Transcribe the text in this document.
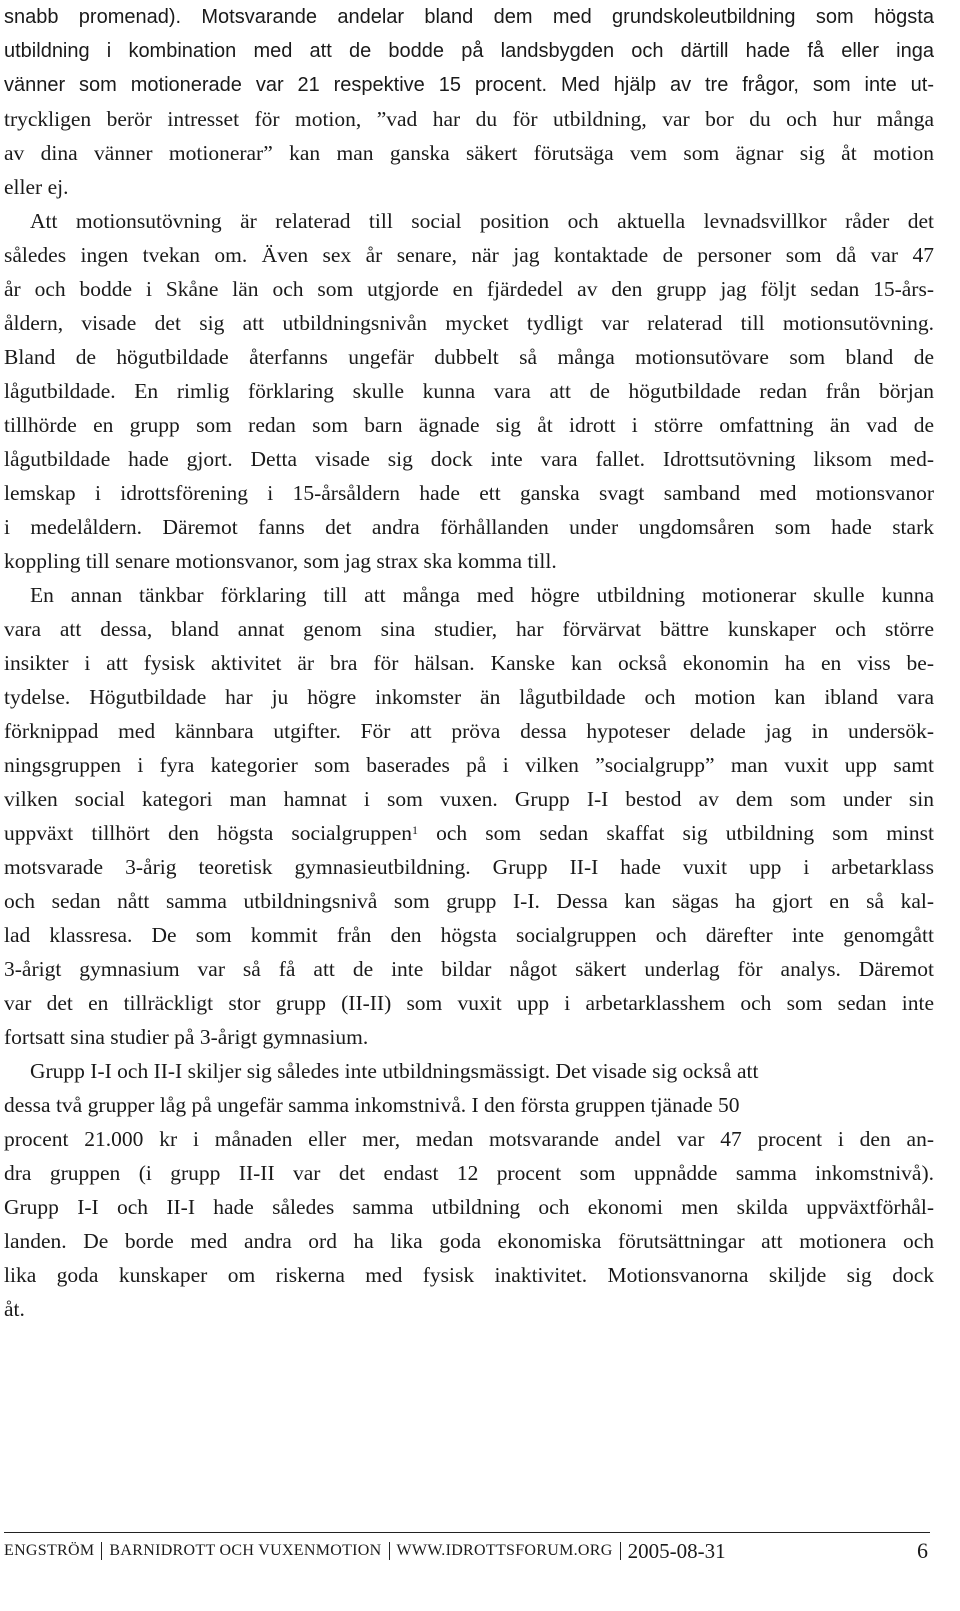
snabb promenad). Motsvarande andelar bland dem med grundskoleutbildning som högsta
utbildning i kombination med att de bodde på landsbygden och därtill hade få eller inga
vänner som motionerade var 21 respektive 15 procent. Med hjälp av tre frågor, som inte ut-
tryckligen berör intresset för motion, ”vad har du för utbildning, var bor du och hur många
av dina vänner motionerar” kan man ganska säkert förutsäga vem som ägnar sig åt motion
eller ej.
Att motionsutövning är relaterad till social position och aktuella levnadsvillkor råder det
således ingen tvekan om. Även sex år senare, när jag kontaktade de personer som då var 47
år och bodde i Skåne län och som utgjorde en fjärdedel av den grupp jag följt sedan 15-års-
åldern, visade det sig att utbildningsnivån mycket tydligt var relaterad till motionsutövning.
Bland de högutbildade återfanns ungefär dubbelt så många motionsutövare som bland de
lågutbildade. En rimlig förklaring skulle kunna vara att de högutbildade redan från början
tillhörde en grupp som redan som barn ägnade sig åt idrott i större omfattning än vad de
lågutbildade hade gjort. Detta visade sig dock inte vara fallet. Idrottsutövning liksom med-
lemskap i idrottsförening i 15-årsåldern hade ett ganska svagt samband med motionsvanor
i medelåldern. Däremot fanns det andra förhållanden under ungdomsåren som hade stark
koppling till senare motionsvanor, som jag strax ska komma till.
En annan tänkbar förklaring till att många med högre utbildning motionerar skulle kunna
vara att dessa, bland annat genom sina studier, har förvärvat bättre kunskaper och större
insikter i att fysisk aktivitet är bra för hälsan. Kanske kan också ekonomin ha en viss be-
tydelse. Högutbildade har ju högre inkomster än lågutbildade och motion kan ibland vara
förknippad med kännbara utgifter. För att pröva dessa hypoteser delade jag in undersök-
ningsgruppen i fyra kategorier som baserades på i vilken ”socialgrupp” man vuxit upp samt
vilken social kategori man hamnat i som vuxen. Grupp I-I bestod av dem som under sin
uppväxt tillhört den högsta socialgruppen$^1$ och som sedan skaffat sig utbildning som minst
motsvarade 3-årig teoretisk gymnasieutbildning. Grupp II-I hade vuxit upp i arbetarklass
och sedan nått samma utbildningsnivå som grupp I-I. Dessa kan sägas ha gjort en så kal-
lad klassresa. De som kommit från den högsta socialgruppen och därefter inte genomgått
3-årigt gymnasium var så få att de inte bildar något säkert underlag för analys. Däremot
var det en tillräckligt stor grupp (II-II) som vuxit upp i arbetarklasshem och som sedan inte
fortsatt sina studier på 3-årigt gymnasium.
Grupp I-I och II-I skiljer sig således inte utbildningsmässigt. Det visade sig också att
dessa två grupper låg på ungefär samma inkomstnivå. I den första gruppen tjänade 50
procent 21.000 kr i månaden eller mer, medan motsvarande andel var 47 procent i den an-
dra gruppen (i grupp II-II var det endast 12 procent som uppnådde samma inkomstnivå).
Grupp I-I och II-I hade således samma utbildning och ekonomi men skilda uppväxtförhål-
landen. De borde med andra ord ha lika goda ekonomiska förutsättningar att motionera och
lika goda kunskaper om riskerna med fysisk inaktivitet. Motionsvanorna skiljde sig dock
åt.
ENGSTRÖM BARNIDROTT OCH VUXENMOTION WWW.IDROTTSFORUM.ORG 2005-08-31	6
